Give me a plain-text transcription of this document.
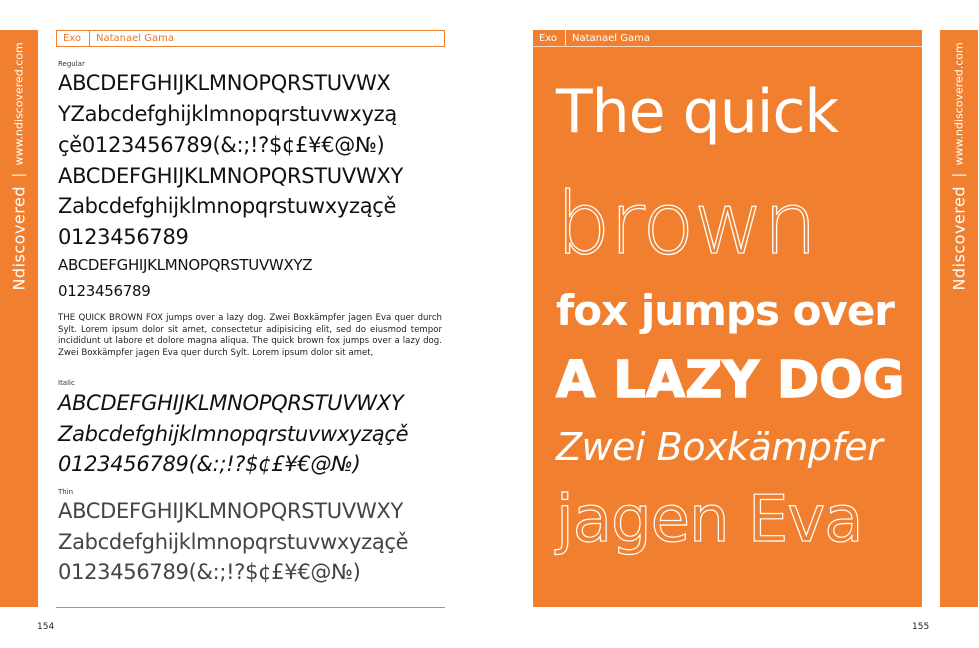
Ndiscovered
|
www.ndiscovered.com
Exo	Natanael Gama
Regular
ABCDEFGHIJKLMNOPQRSTUVWX
YZabcdefghijklmnopqrstuvwxyzą
çě0123456789(&:;!?$¢£¥€@№)
ABCDEFGHIJKLMNOPQRSTUVWXY
Zabcdefghijklmnopqrstuwxyząçě
0123456789
ABCDEFGHIJKLMNOPQRSTUVWXYZ
0123456789
THE QUICK BROWN FOX jumps over a lazy dog. Zwei Boxkämpfer jagen Eva quer durch Sylt. Lorem ipsum dolor sit amet, consectetur adipisicing elit, sed do eiusmod tempor incididunt ut labore et dolore magna aliqua. The quick brown fox jumps over a lazy dog. Zwei Boxkämpfer jagen Eva quer durch Sylt. Lorem ipsum dolor sit amet,
Italic
ABCDEFGHIJKLMNOPQRSTUVWXY
Zabcdefghijklmnopqrstuvwxyząçě
0123456789(&:;!?$¢£¥€@№)
Thin
ABCDEFGHIJKLMNOPQRSTUVWXY
Zabcdefghijklmnopqrstuvwxyząçě
0123456789(&:;!?$¢£¥€@№)
154
Exo	Natanael Gama
The quick
brown
fox jumps over
A LAZY DOG
Zwei Boxkämpfer
jagen Eva
Ndiscovered
|
www.ndiscovered.com
155
